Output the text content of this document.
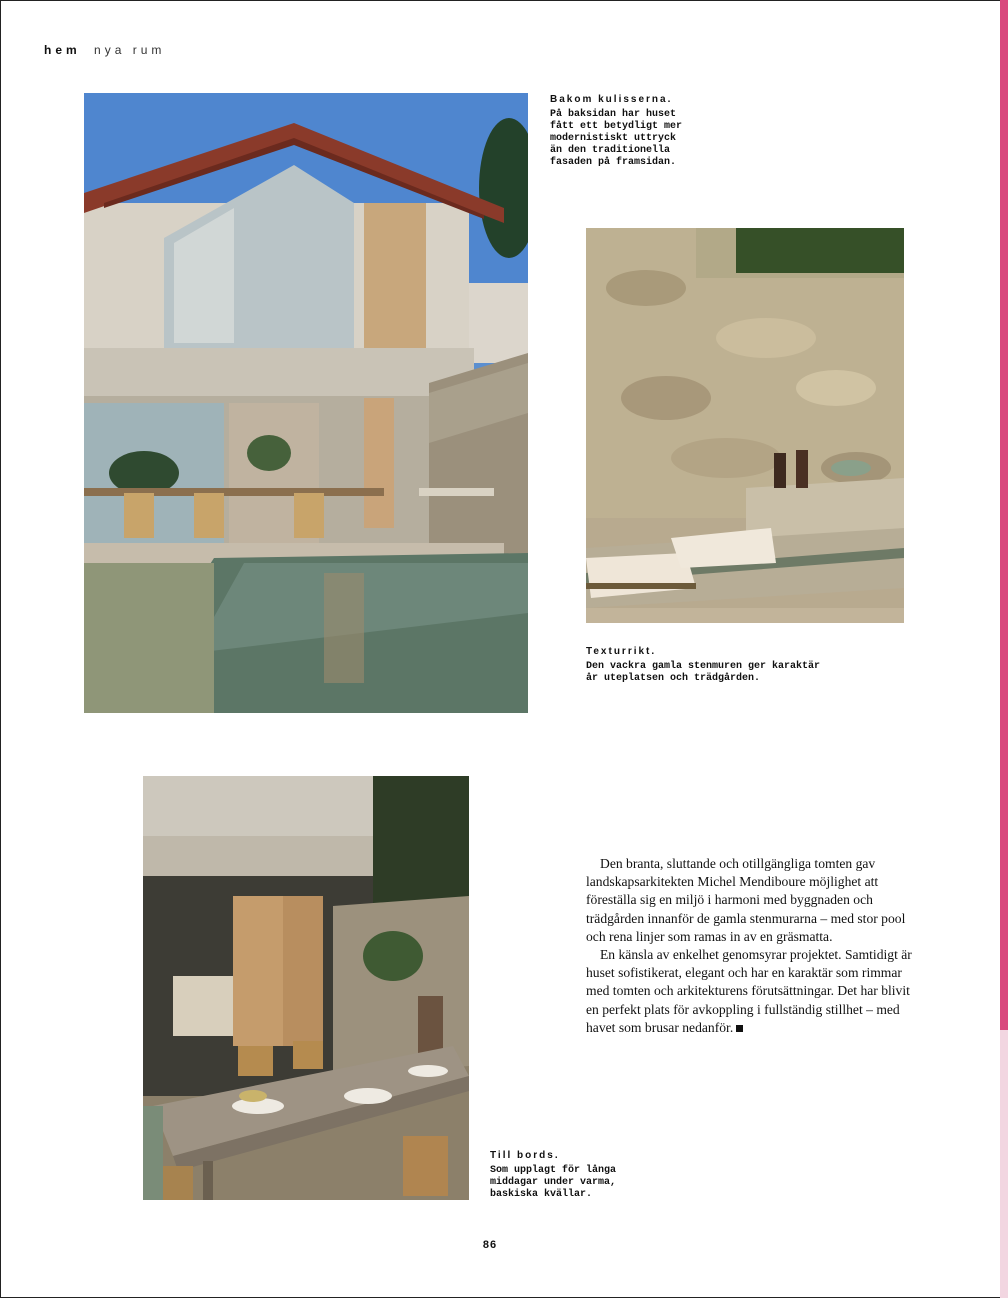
hem nya rum
Bakom kulisserna.
På baksidan har huset
fått ett betydligt mer
modernistiskt uttryck
än den traditionella
fasaden på framsidan.
Texturrikt.
Den vackra gamla stenmuren ger karaktär
år uteplatsen och trädgården.
Till bords.
Som upplagt för långa
middagar under varma,
baskiska kvällar.

Den branta, sluttande och otillgängliga tomten gav landskapsarkitekten Michel Mendiboure möjlighet att föreställa sig en miljö i harmoni med byggnaden och trädgården innanför de gamla stenmurarna – med stor pool och rena linjer som ramas in av en gräsmatta.

En känsla av enkelhet genomsyrar projektet. Samtidigt är huset sofistikerat, elegant och har en karaktär som rimmar med tomten och arkitekturens förutsättningar. Det har blivit en perfekt plats för avkoppling i fullständig stillhet – med havet som brusar nedanför.

86
